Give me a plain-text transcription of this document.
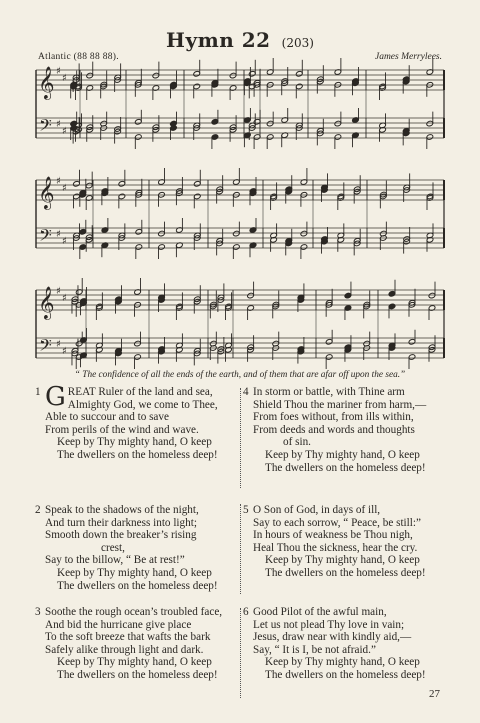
Hymn 22 (203)
Atlantic (88 88 88).	James Merrylees.
𝄞
𝄢
♯
♯
♯
♯
𝄞
𝄢
♯
♯
♯
♯
𝄞
𝄢
♯
♯
♯
♯
“ The confidence of all the ends of the earth, and of them that are afar off upon the sea.”
1 GREAT Ruler of the land and sea,
Almighty God, we come to Thee,
Able to succour and to save
From perils of the wind and wave.
Keep by Thy mighty hand, O keep
The dwellers on the homeless deep!
2 Speak to the shadows of the night,
And turn their darkness into light;
Smooth down the breaker’s rising
crest,
Say to the billow, “ Be at rest!”
Keep by Thy mighty hand, O keep
The dwellers on the homeless deep!
3 Soothe the rough ocean’s troubled face,
And bid the hurricane give place
To the soft breeze that wafts the bark
Safely alike through light and dark.
Keep by Thy mighty hand, O keep
The dwellers on the homeless deep!
4 In storm or battle, with Thine arm
Shield Thou the mariner from harm,—
From foes without, from ills within,
From deeds and words and thoughts
of sin.
Keep by Thy mighty hand, O keep
The dwellers on the homeless deep!
5 O Son of God, in days of ill,
Say to each sorrow, “ Peace, be still:”
In hours of weakness be Thou nigh,
Heal Thou the sickness, hear the cry.
Keep by Thy mighty hand, O keep
The dwellers on the homeless deep!
6 Good Pilot of the awful main,
Let us not plead Thy love in vain;
Jesus, draw near with kindly aid,—
Say, “ It is I, be not afraid.”
Keep by Thy mighty hand, O keep
The dwellers on the homeless deep!
27
